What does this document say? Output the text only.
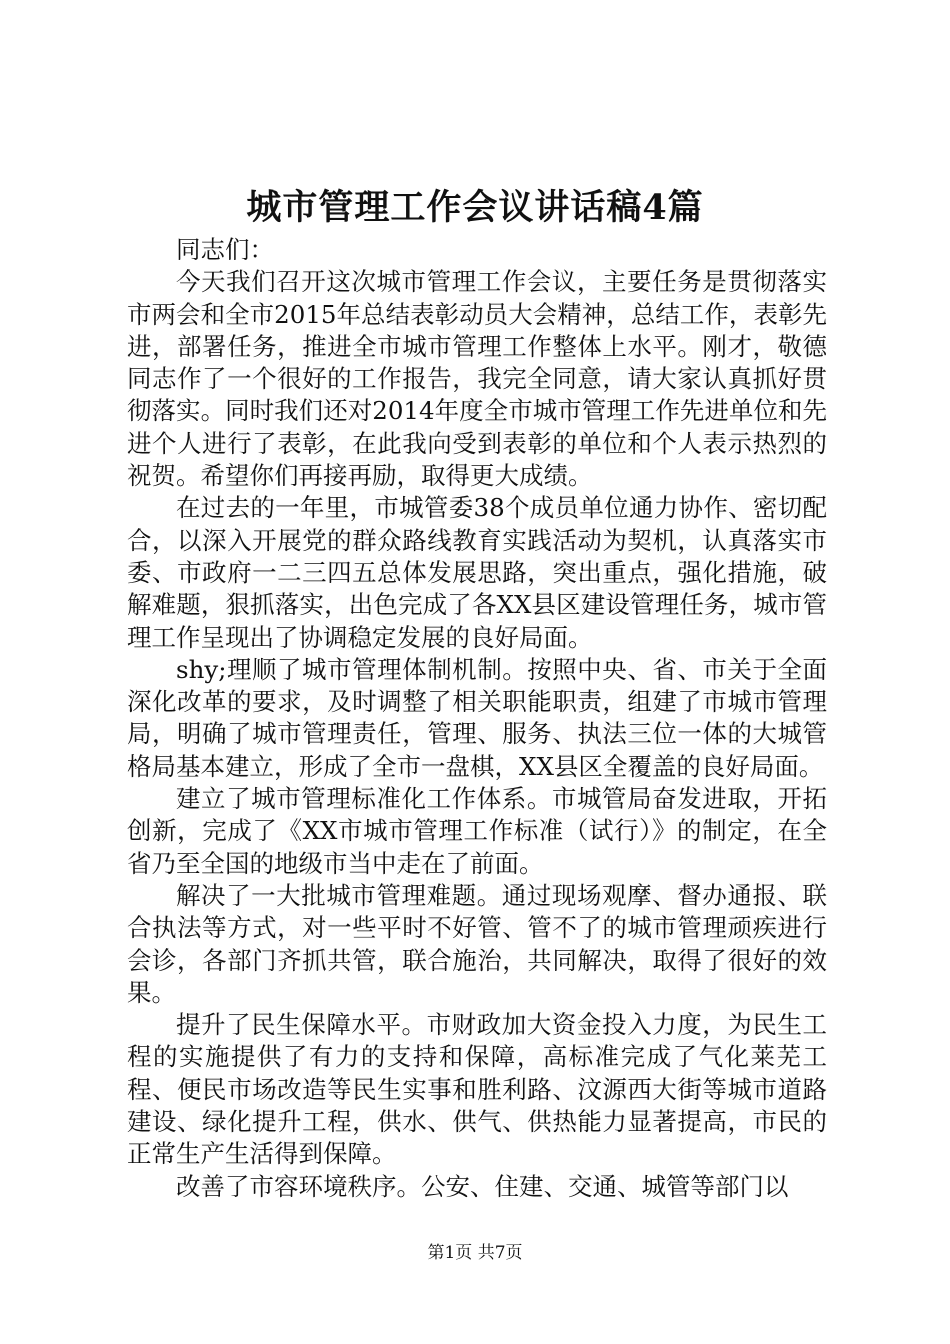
城市管理工作会议讲话稿4篇

同志们：

今天我们召开这次城市管理工作会议，主要任务是贯彻落实市两会和全市2015年总结表彰动员大会精神，总结工作，表彰先进，部署任务，推进全市城市管理工作整体上水平。刚才，敬德同志作了一个很好的工作报告，我完全同意，请大家认真抓好贯彻落实。同时我们还对2014年度全市城市管理工作先进单位和先进个人进行了表彰，在此我向受到表彰的单位和个人表示热烈的祝贺。希望你们再接再励，取得更大成绩。

在过去的一年里，市城管委38个成员单位通力协作、密切配合，以深入开展党的群众路线教育实践活动为契机，认真落实市委、市政府一二三四五总体发展思路，突出重点，强化措施，破解难题，狠抓落实，出色完成了各XX县区建设管理任务，城市管理工作呈现出了协调稳定发展的良好局面。

shy;理顺了城市管理体制机制。按照中央、省、市关于全面深化改革的要求，及时调整了相关职能职责，组建了市城市管理局，明确了城市管理责任，管理、服务、执法三位一体的大城管格局基本建立，形成了全市一盘棋，XX县区全覆盖的良好局面。

建立了城市管理标准化工作体系。市城管局奋发进取，开拓创新，完成了《XX市城市管理工作标准（试行）》的制定，在全省乃至全国的地级市当中走在了前面。

解决了一大批城市管理难题。通过现场观摩、督办通报、联合执法等方式，对一些平时不好管、管不了的城市管理顽疾进行会诊，各部门齐抓共管，联合施治，共同解决，取得了很好的效果。

提升了民生保障水平。市财政加大资金投入力度，为民生工程的实施提供了有力的支持和保障，高标准完成了气化莱芜工程、便民市场改造等民生实事和胜利路、汶源西大街等城市道路建设、绿化提升工程，供水、供气、供热能力显著提高，市民的正常生产生活得到保障。

改善了市容环境秩序。公安、住建、交通、城管等部门以

第1页 共7页
